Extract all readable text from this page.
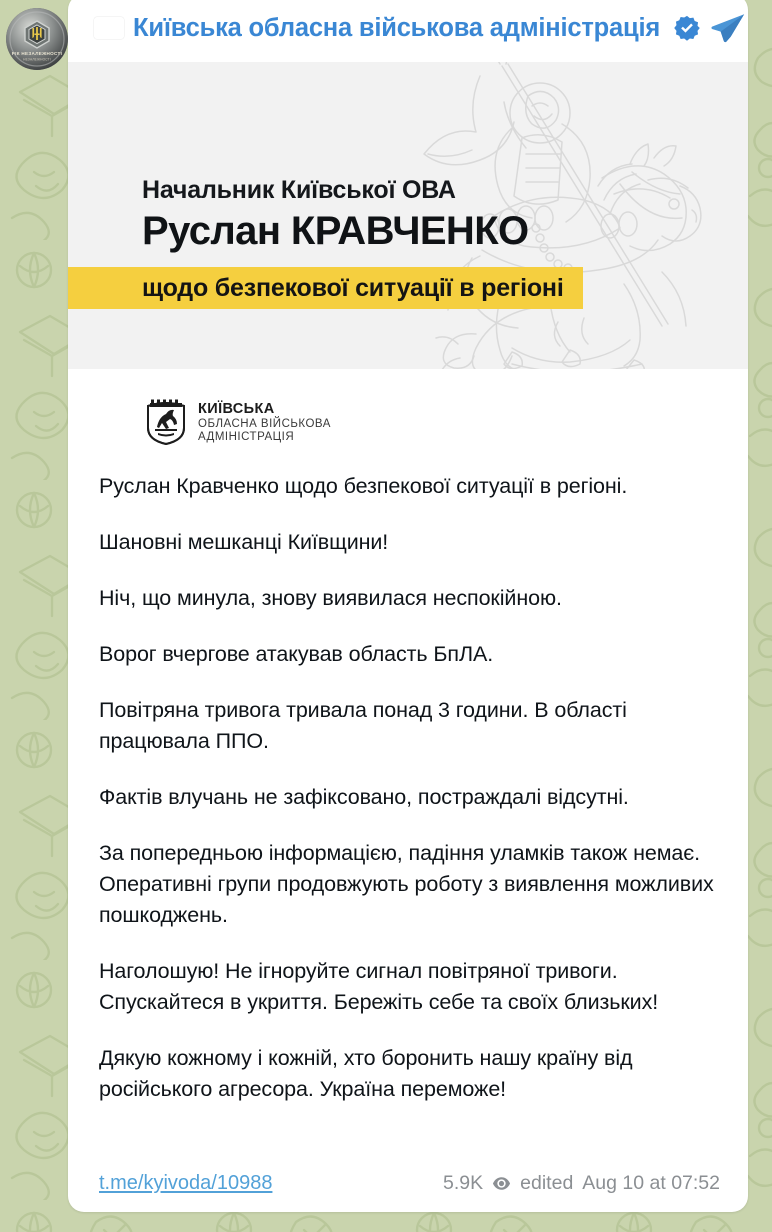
РІК НЕЗАЛЕЖНОСТІ
НЕЗАЛЕЖНОСТІ
Київська обласна військова адміністрація
Начальник Київської ОВА
Руслан КРАВЧЕНКО
щодо безпекової ситуації в регіоні
КИЇВСЬКА
ОБЛАСНА ВІЙСЬКОВА
АДМІНІСТРАЦІЯ

Руслан Кравченко щодо безпекової ситуації в регіоні.

Шановні мешканці Київщини!

Ніч, що минула, знову виявилася неспокійною.

Ворог вчергове атакував область БпЛА.

Повітряна тривога тривала понад 3 години. В області працювала ППО.

Фактів влучань не зафіксовано, постраждалі відсутні.

За попередньою інформацією, падіння уламків також немає. Оперативні групи продовжують роботу з виявлення можливих пошкоджень.

Наголошую! Не ігноруйте сигнал повітряної тривоги. Спускайтеся в укриття. Бережіть себе та своїх близьких!

Дякую кожному і кожній, хто боронить нашу країну від російського агресора. Україна переможе!

t.me/kyivoda/10988	5.9K edited Aug 10 at 07:52
